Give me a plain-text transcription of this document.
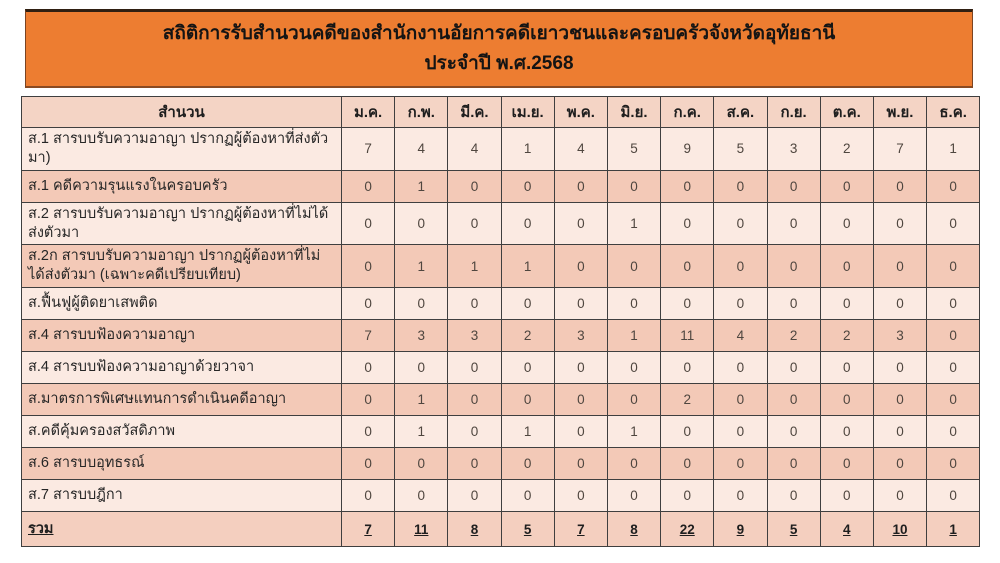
สถิติการรับสำนวนคดีของสำนักงานอัยการคดีเยาวชนและครอบครัวจังหวัดอุทัยธานี
ประจำปี พ.ศ.2568
สำนวน	ม.ค.	ก.พ.	มี.ค.	เม.ย.	พ.ค.	มิ.ย.	ก.ค.	ส.ค.	ก.ย.	ต.ค.	พ.ย.	ธ.ค.
ส.1 สารบบรับความอาญา ปรากฏผู้ต้องหาที่ส่งตัวมา)	7	4	4	1	4	5	9	5	3	2	7	1
ส.1 คดีความรุนแรงในครอบครัว	0	1	0	0	0	0	0	0	0	0	0	0
ส.2 สารบบรับความอาญา ปรากฏผู้ต้องหาที่ไม่ได้ส่งตัวมา	0	0	0	0	0	1	0	0	0	0	0	0
ส.2ก สารบบรับความอาญา ปรากฏผู้ต้องหาที่ไม่ได้ส่งตัวมา (เฉพาะคดีเปรียบเทียบ)	0	1	1	1	0	0	0	0	0	0	0	0
ส.ฟื้นฟูผู้ติดยาเสพติด	0	0	0	0	0	0	0	0	0	0	0	0
ส.4 สารบบฟ้องความอาญา	7	3	3	2	3	1	11	4	2	2	3	0
ส.4 สารบบฟ้องความอาญาด้วยวาจา	0	0	0	0	0	0	0	0	0	0	0	0
ส.มาตรการพิเศษแทนการดำเนินคดีอาญา	0	1	0	0	0	0	2	0	0	0	0	0
ส.คดีคุ้มครองสวัสดิภาพ	0	1	0	1	0	1	0	0	0	0	0	0
ส.6 สารบบอุทธรณ์	0	0	0	0	0	0	0	0	0	0	0	0
ส.7 สารบบฎีกา	0	0	0	0	0	0	0	0	0	0	0	0
รวม	7	11	8	5	7	8	22	9	5	4	10	1
